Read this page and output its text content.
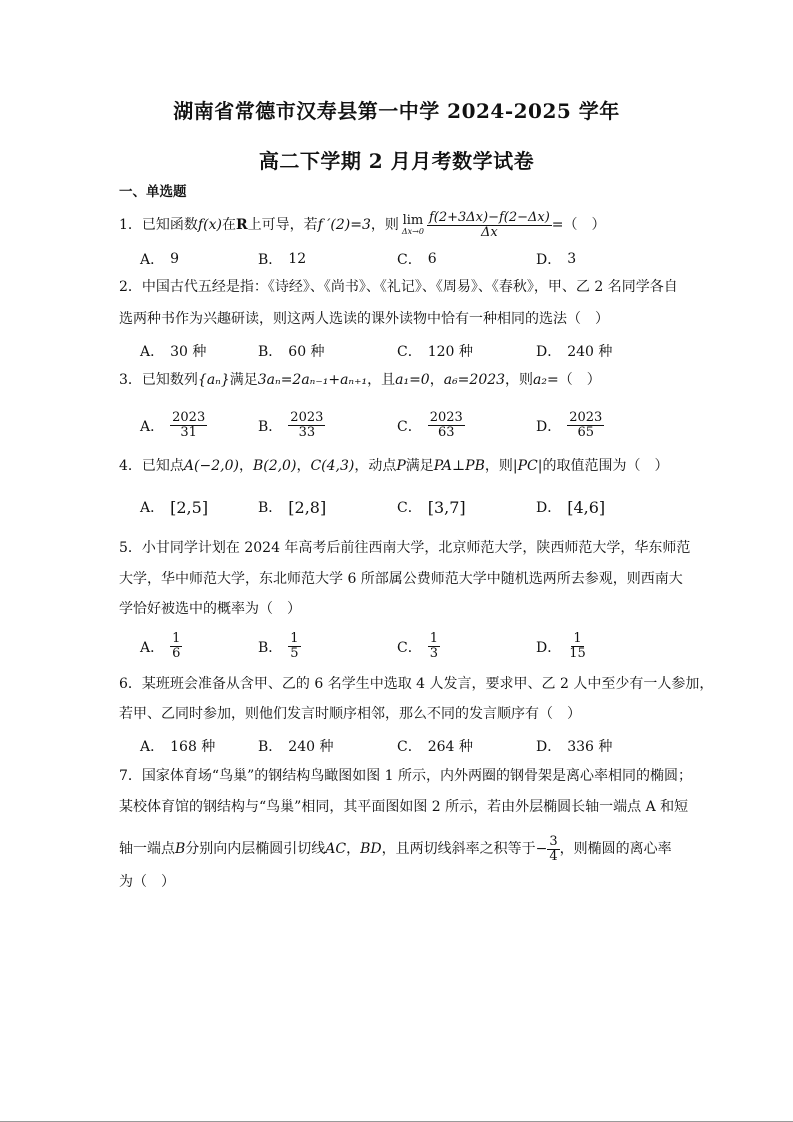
湖南省常德市汉寿县第一中学 2024-2025 学年
高二下学期 2 月月考数学试卷
一、单选题
1．已知函数 f(x) 在 R 上可导，若 f ′(2)=3 ，则 lim
$\Delta x\to 0 \frac{f(2+3\Delta x)-f(2-\Delta x)}{\Delta x}$ =（　）
A． 9	B． 12	C． 6	D． 3
2．中国古代五经是指：《诗经》、《尚书》、《礼记》、《周易》、《春秋》，甲、乙 2 名同学各自
选两种书作为兴趣研读，则这两人选读的课外读物中恰有一种相同的选法（　）
A． 30 种	B． 60 种	C． 120 种	D． 240 种
3．已知数列 {aₙ} 满足 3aₙ=2aₙ₋₁+aₙ₊₁ ，且 a₁=0 ， a₆=2023 ，则 a₂= （　）
A． $\frac{2023}{31}$	B． $\frac{2023}{33}$	C． $\frac{2023}{63}$	D． $\frac{2023}{65}$
4．已知点 A(−2,0) ， B(2,0) ， C(4,3) ，动点 P 满足 PA⊥PB ，则 |PC| 的取值范围为（　）
A． [2,5]	B． [2,8]	C． [3,7]	D． [4,6]
5．小甘同学计划在 2024 年高考后前往西南大学，北京师范大学，陕西师范大学，华东师范
大学，华中师范大学，东北师范大学 6 所部属公费师范大学中随机选两所去参观，则西南大
学恰好被选中的概率为（　）
A． $\frac{1}{6}$	B． $\frac{1}{5}$	C． $\frac{1}{3}$	D． $\frac{1}{15}$
6．某班班会准备从含甲、乙的 6 名学生中选取 4 人发言，要求甲、乙 2 人中至少有一人参加，
若甲、乙同时参加，则他们发言时顺序相邻，那么不同的发言顺序有（　）
A． 168 种	B． 240 种	C． 264 种	D． 336 种
7．国家体育场“鸟巢”的钢结构鸟瞰图如图 1 所示，内外两圈的钢骨架是离心率相同的椭圆；
某校体育馆的钢结构与“鸟巢”相同，其平面图如图 2 所示，若由外层椭圆长轴一端点 A 和短
轴一端点 B 分别向内层椭圆引切线 AC ， BD ，且两切线斜率之积等于 − $\frac{3}{4}$ ，则椭圆的离心率
为（　）
